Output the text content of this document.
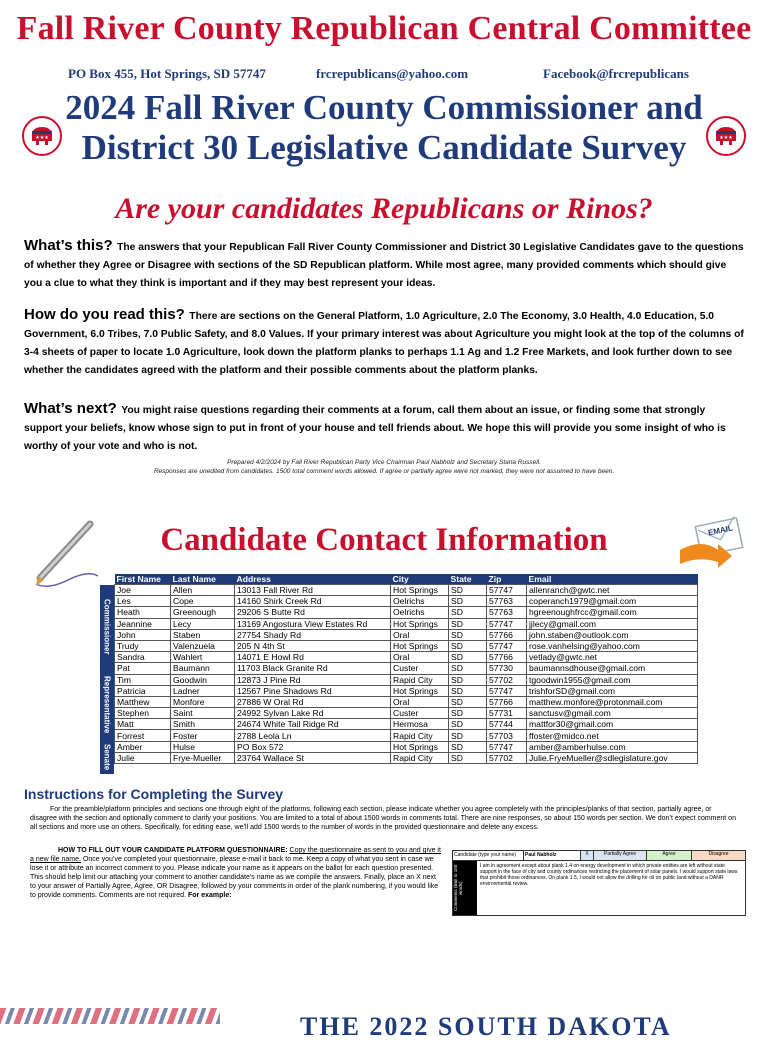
Fall River County Republican Central Committee
PO Box 455, Hot Springs, SD 57747	frcrepublicans@yahoo.com	Facebook@frcrepublicans
★★★	★★★
2024 Fall River County Commissioner and
District 30 Legislative Candidate Survey
Are your candidates Republicans or Rinos?
What’s this? The answers that your Republican Fall River County Commissioner and District 30 Legislative Candidates gave to the questions of whether they Agree or Disagree with sections of the SD Republican platform. While most agree, many provided comments which should give you a clue to what they think is important and if they may best represent your ideas.
How do you read this? There are sections on the General Platform, 1.0 Agriculture, 2.0 The Economy, 3.0 Health, 4.0 Education, 5.0 Government, 6.0 Tribes, 7.0 Public Safety, and 8.0 Values. If your primary interest was about Agriculture you might look at the top of the columns of 3-4 sheets of paper to locate 1.0 Agriculture, look down the platform planks to perhaps 1.1 Ag and 1.2 Free Markets, and look further down to see whether the candidates agreed with the platform and their possible comments about the platform planks.
What’s next? You might raise questions regarding their comments at a forum, call them about an issue, or finding some that strongly support your beliefs, know whose sign to put in front of your house and tell friends about. We hope this will provide you some insight of who is worthy of your vote and who is not.
Prepared 4/2/2024 by Fall River Republican Party Vice Chairman Paul Nabholz and Secretary Starla Russell.
Responses are unedited from candidates. 1500 total comment words allowed. If agree or partially agree were not marked, they were not assumed to have been.
Candidate Contact Information	EMAIL
Commissioner
Representative
Senate
First Name	Last Name	Address	City	State	Zip	Email
Joe	Allen	13013 Fall River Rd	Hot Springs	SD	57747	allenranch@gwtc.net
Les	Cope	14160 Shirk Creek Rd	Oelrichs	SD	57763	coperanch1979@gmail.com
Heath	Greenough	29206 S Butte Rd	Oelrichs	SD	57763	hgreenoughfrcc@gmail.com
Jeannine	Lecy	13169 Angostura View Estates Rd	Hot Springs	SD	57747	jjlecy@gmail.com
John	Staben	27754 Shady Rd	Oral	SD	57766	john.staben@outlook.com
Trudy	Valenzuela	205 N 4th St	Hot Springs	SD	57747	rose.vanhelsing@yahoo.com
Sandra	Wahlert	14071 E Howl Rd	Oral	SD	57766	vetlady@gwtc.net
Pat	Baumann	11703 Black Granite Rd	Custer	SD	57730	baumannsdhouse@gmail.com
Tim	Goodwin	12873 J Pine Rd	Rapid City	SD	57702	tgoodwin1955@gmail.com
Patricia	Ladner	12567 Pine Shadows Rd	Hot Springs	SD	57747	trishforSD@gmail.com
Matthew	Monfore	27886 W Oral Rd	Oral	SD	57766	matthew.monfore@protonmail.com
Stephen	Saint	24992 Sylvan Lake Rd	Custer	SD	57731	sanctusv@gmail.com
Matt	Smith	24674 White Tail Ridge Rd	Hermosa	SD	57744	mattfor30@gmail.com
Forrest	Foster	2788 Leola Ln	Rapid City	SD	57703	ffoster@midco.net
Amber	Hulse	PO Box 572	Hot Springs	SD	57747	amber@amberhulse.com
Julie	Frye-Mueller	23764 Wallace St	Rapid City	SD	57702	Julie.FryeMueller@sdlegislature.gov
Instructions for Completing the Survey
For the preamble/platform principles and sections one through eight of the platforms, following each section, please indicate whether you agree completely with the principles/planks of that section, partially agree, or disagree with the section and optionally comment to clarify your positions. You are limited to a total of about 1500 words in comments total. There are nine responses, so about 150 words per section. We don’t expect comment on all sections and more use on others. Specifically, for editing ease, we’ll add 1500 words to the number of words in the provided questionnaire and delete any excess.
HOW TO FILL OUT YOUR CANDIDATE PLATFORM QUESTIONNAIRE: Copy the questionnaire as sent to you and give it a new file name. Once you’ve completed your questionnaire, please e-mail it back to me. Keep a copy of what you sent in case we lose it or attribute an incorrect comment to you. Please indicate your name as it appears on the ballot for each question presented. This should help limit our attaching your comment to another candidate’s name as we compile the answers. Finally, place an X next to your answer of Partially Agree, Agree, OR Disagree, followed by your comments in order of the plank numbering, if you would like to provide comments. Comments are not required. For example:
Candidate (type your name)	Paul Nabholz	X	Partially Agree	Agree	Disagree
Comments (limit to 150 words)
I am in agreement except about plank 1.4 on energy development in which private entities are left without state support in the face of city and county ordinances restricting the placement of solar panels. I would support state laws that prohibit those ordinances. On plank 1.5, I would not allow the drilling for oil on public land without a DANR environmental review.
THE 2022 SOUTH DAKOTA
